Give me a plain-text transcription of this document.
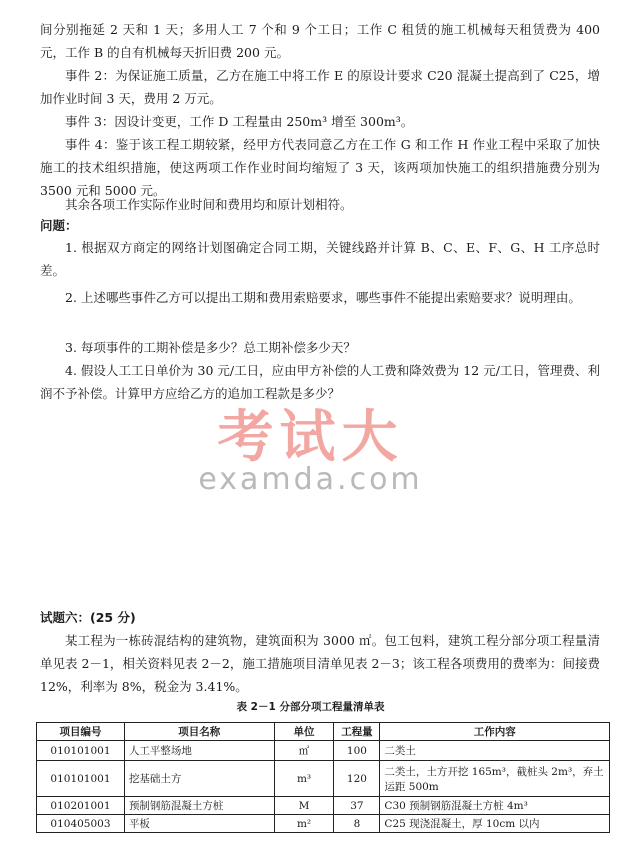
间分别拖延 2 天和 1 天；多用人工 7 个和 9 个工日；工作 C 租赁的施工机械每天租赁费为 400 元，工作 B 的自有机械每天折旧费 200 元。

事件 2：为保证施工质量，乙方在施工中将工作 E 的原设计要求 C20 混凝土提高到了 C25，增加作业时间 3 天，费用 2 万元。

事件 3：因设计变更，工作 D 工程量由 250m³ 增至 300m³。

事件 4：鉴于该工程工期较紧，经甲方代表同意乙方在工作 G 和工作 H 作业工程中采取了加快施工的技术组织措施，使这两项工作作业时间均缩短了 3 天，该两项加快施工的组织措施费分别为 3500 元和 5000 元。

其余各项工作实际作业时间和费用均和原计划相符。

问题：

1. 根据双方商定的网络计划图确定合同工期，关键线路并计算 B、C、E、F、G、H 工序总时差。

2. 上述哪些事件乙方可以提出工期和费用索赔要求，哪些事件不能提出索赔要求？说明理由。

3. 每项事件的工期补偿是多少？总工期补偿多少天？

4. 假设人工工日单价为 30 元/工日，应由甲方补偿的人工费和降效费为 12 元/工日，管理费、利润不予补偿。计算甲方应给乙方的追加工程款是多少？

考试大
examda.com

试题六：(25 分)

某工程为一栋砖混结构的建筑物，建筑面积为 3000 ㎡。包工包料，建筑工程分部分项工程量清单见表 2－1，相关资料见表 2－2，施工措施项目清单见表 2－3；该工程各项费用的费率为：间接费 12%，利率为 8%，税金为 3.41%。

表 2－1 分部分项工程量清单表
项目编号	项目名称	单位	工程量	工作内容
010101001	人工平整场地	㎡	100	二类土
010101001	挖基础土方	m³	120	二类土，土方开挖 165m³，截桩头 2m³，弃土运距 500m
010201001	预制钢筋混凝土方桩	M	37	C30 预制钢筋混凝土方桩 4m³
010405003	平板	m²	8	C25 现浇混凝土，厚 10cm 以内
